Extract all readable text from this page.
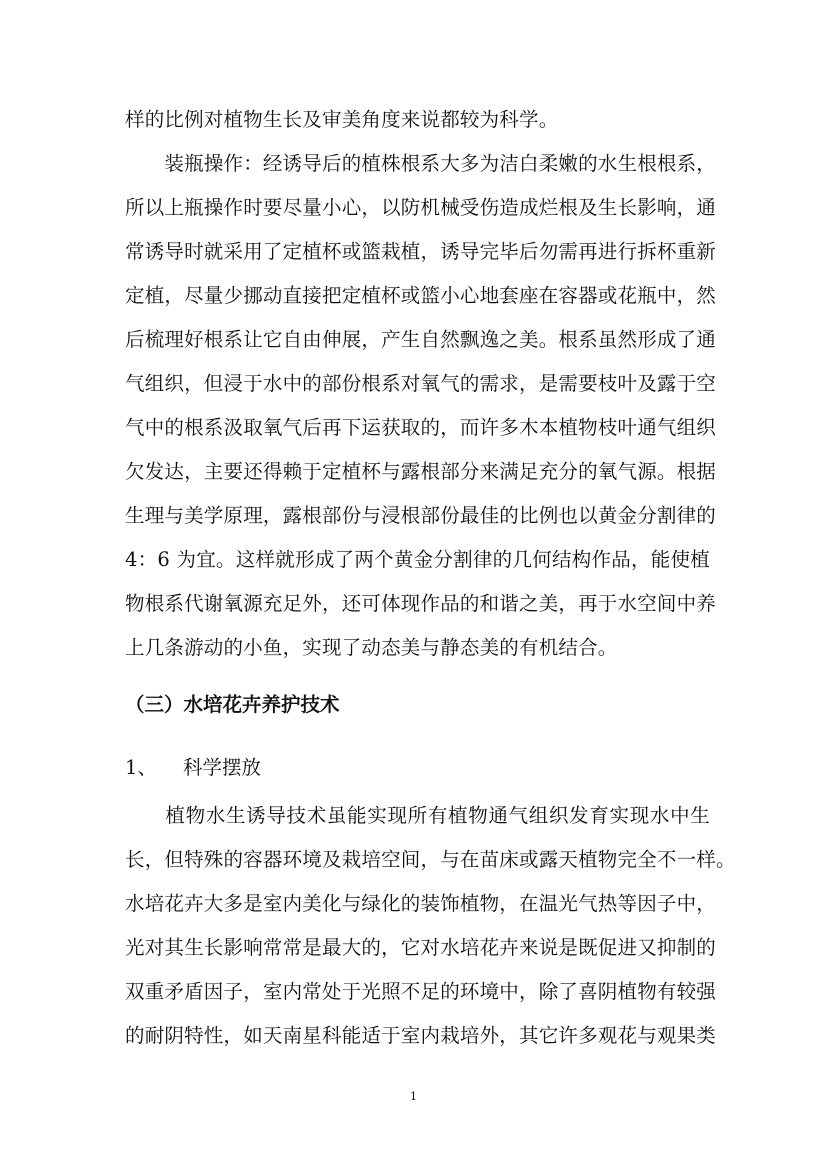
样的比例对植物生长及审美角度来说都较为科学。
　　装瓶操作：经诱导后的植株根系大多为洁白柔嫩的水生根根系，
所以上瓶操作时要尽量小心，以防机械受伤造成烂根及生长影响，通
常诱导时就采用了定植杯或篮栽植，诱导完毕后勿需再进行拆杯重新
定植，尽量少挪动直接把定植杯或篮小心地套座在容器或花瓶中，然
后梳理好根系让它自由伸展，产生自然飘逸之美。根系虽然形成了通
气组织，但浸于水中的部份根系对氧气的需求，是需要枝叶及露于空
气中的根系汲取氧气后再下运获取的，而许多木本植物枝叶通气组织
欠发达，主要还得赖于定植杯与露根部分来满足充分的氧气源。根据
生理与美学原理，露根部份与浸根部份最佳的比例也以黄金分割律的
4：6 为宜。这样就形成了两个黄金分割律的几何结构作品，能使植
物根系代谢氧源充足外，还可体现作品的和谐之美，再于水空间中养
上几条游动的小鱼，实现了动态美与静态美的有机结合。
（三）水培花卉养护技术
1、 科学摆放
　　植物水生诱导技术虽能实现所有植物通气组织发育实现水中生
长，但特殊的容器环境及栽培空间，与在苗床或露天植物完全不一样。
水培花卉大多是室内美化与绿化的装饰植物，在温光气热等因子中，
光对其生长影响常常是最大的，它对水培花卉来说是既促进又抑制的
双重矛盾因子，室内常处于光照不足的环境中，除了喜阴植物有较强
的耐阴特性，如天南星科能适于室内栽培外，其它许多观花与观果类
1
